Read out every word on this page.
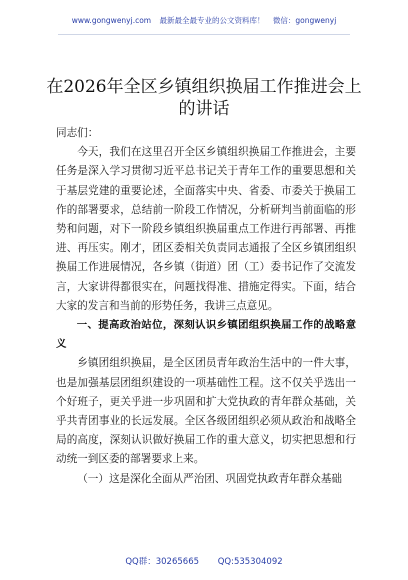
www.gongwenyj.com 最新最全最专业的公文资料库！ 微信：gongwenyj
在2026年全区乡镇组织换届工作推进会上的讲话

同志们：

今天，我们在这里召开全区乡镇组织换届工作推进会，主要任务是深入学习贯彻习近平总书记关于青年工作的重要思想和关于基层党建的重要论述，全面落实中央、省委、市委关于换届工作的部署要求，总结前一阶段工作情况，分析研判当前面临的形势和问题，对下一阶段乡镇组织换届重点工作进行再部署、再推进、再压实。刚才，团区委相关负责同志通报了全区乡镇团组织换届工作进展情况，各乡镇（街道）团（工）委书记作了交流发言，大家讲得都很实在，问题找得准、措施定得实。下面，结合大家的发言和当前的形势任务，我讲三点意见。

一、提高政治站位，深刻认识乡镇团组织换届工作的战略意义

乡镇团组织换届，是全区团员青年政治生活中的一件大事，也是加强基层团组织建设的一项基础性工程。这不仅关乎选出一个好班子，更关乎进一步巩固和扩大党执政的青年群众基础，关乎共青团事业的长远发展。全区各级团组织必须从政治和战略全局的高度，深刻认识做好换届工作的重大意义，切实把思想和行动统一到区委的部署要求上来。

（一）这是深化全面从严治团、巩固党执政青年群众基础

QQ群：30265665 QQ:535304092
